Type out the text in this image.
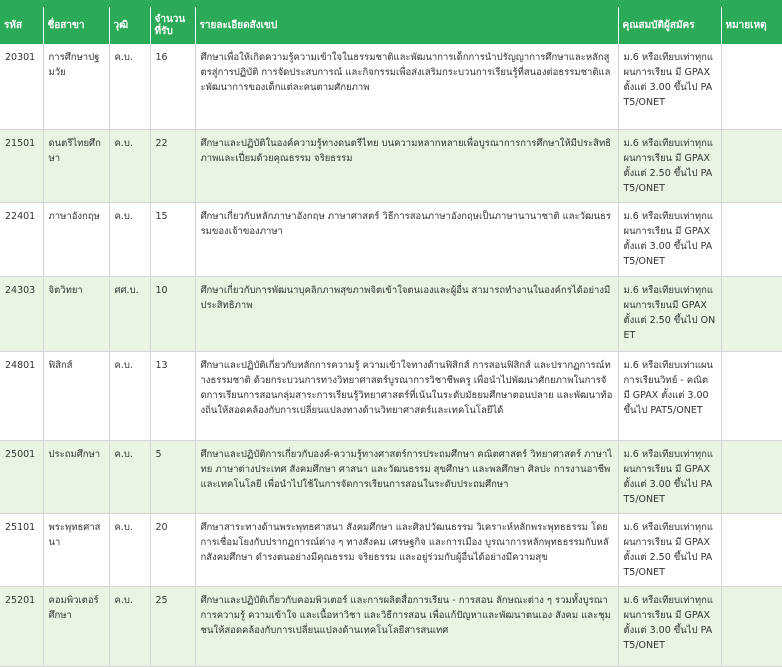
รหัส	ชื่อสาขา	วุฒิ	จำนวนที่รับ	รายละเอียดสังเขป	คุณสมบัติผู้สมัคร	หมายเหตุ
20301	การศึกษาปฐมวัย	ค.บ.	16	ศึกษาเพื่อให้เกิดความรู้ความเข้าใจในธรรมชาติและพัฒนาการเด็กการนำปรัญญาการศึกษาและหลักสูตรสู่การปฏิบัติ การจัดประสบการณ์ และกิจกรรมเพื่อส่งเสริมกระบวนการเรียนรู้ที่สนองต่อธรรมชาติและพัฒนาการของเด็กแต่ละคนตามศักยภาพ	ม.6 หรือเทียบเท่าทุกแผนการเรียน มี GPAX ตั้งแต่ 3.00 ขึ้นไป PAT5/ONET	
21501	ดนตรีไทยศึกษา	ค.บ.	22	ศึกษาและปฏิบัติในองค์ความรู้ทางดนตรีไทย บนความหลากหลายเพื่อบูรณาการการศึกษาให้มีประสิทธิภาพและเปี่ยมด้วยคุณธรรม จริยธรรม	ม.6 หรือเทียบเท่าทุกแผนการเรียน มี GPAX ตั้งแต่ 2.50 ขึ้นไป PAT5/ONET	
22401	ภาษาอังกฤษ	ค.บ.	15	ศึกษาเกี่ยวกับหลักภาษาอังกฤษ ภาษาศาสตร์ วิธีการสอนภาษาอังกฤษเป็นภาษานานาชาติ และวัฒนธรรมของเจ้าของภาษา	ม.6 หรือเทียบเท่าทุกแผนการเรียน มี GPAX ตั้งแต่ 3.00 ขึ้นไป PAT5/ONET	
24303	จิตวิทยา	ศศ.บ.	10	ศึกษาเกี่ยวกับการพัฒนาบุคลิกภาพสุขภาพจิตเข้าใจตนเองและผู้อื่น สามารถทำงานในองค์กรได้อย่างมีประสิทธิภาพ	ม.6 หรือเทียบเท่าทุกแผนการเรียนมี GPAX ตั้งแต่ 2.50 ขึ้นไป ONET	
24801	ฟิสิกส์	ค.บ.	13	ศึกษาและปฏิบัติเกี่ยวกับหลักการความรู้ ความเข้าใจทางด้านฟิสิกส์ การสอนฟิสิกส์ และปรากฏการณ์ทางธรรมชาติ ด้วยกระบวนการทางวิทยาศาสตร์บูรณาการวิชาชีพครู เพื่อนำไปพัฒนาศักยภาพในการจัดการเรียนการสอนกลุ่มสาระการเรียนรู้วิทยาศาสตร์ที่เน้นในระดับมัธยมศึกษาตอนปลาย และพัฒนาท้องถิ่นให้สอดคล้องกับการเปลี่ยนแปลงทางด้านวิทยาศาสตร์และเทคโนโลยีได้	ม.6 หรือเทียบเท่าแผนการเรียนวิทย์ - คณิต มี GPAX ตั้งแต่ 3.00 ขึ้นไป PAT5/ONET	
25001	ประถมศึกษา	ค.บ.	5	ศึกษาและปฏิบัติการเกี่ยวกับองค์-ความรู้ทางศาสตร์การประถมศึกษา คณิตศาสตร์ วิทยาศาสตร์ ภาษาไทย ภาษาต่างประเทศ สังคมศึกษา ศาสนา และวัฒนธรรม สุขศึกษา และพลศึกษา ศิลปะ การงานอาชีพและเทคโนโลยี เพื่อนำไปใช้ในการจัดการเรียนการสอนในระดับประถมศึกษา	ม.6 หรือเทียบเท่าทุกแผนการเรียน มี GPAX ตั้งแต่ 3.00 ขึ้นไป PAT5/ONET	
25101	พระพุทธศาสนา	ค.บ.	20	ศึกษาสาระทางด้านพระพุทธศาสนา สังคมศึกษา และศิลปวัฒนธรรม วิเคราะห์หลักพระพุทธธรรม โดยการเชื่อมโยงกับปรากฏการณ์ต่าง ๆ ทางสังคม เศรษฐกิจ และการเมือง บูรณาการหลักพุทธธรรมกับหลักสังคมศึกษา ดำรงตนอย่างมีคุณธรรม จริยธรรม และอยู่ร่วมกับผู้อื่นได้อย่างมีความสุข	ม.6 หรือเทียบเท่าทุกแผนการเรียน มี GPAX ตั้งแต่ 2.50 ขึ้นไป PAT5/ONET	
25201	คอมพิวเตอร์ศึกษา	ค.บ.	25	ศึกษาและปฏิบัติเกี่ยวกับคอมพิวเตอร์ และการผลิตสื่อการเรียน - การสอน ลักษณะต่าง ๆ รวมทั้งบูรณาการความรู้ ความเข้าใจ และเนื้อหาวิชา และวิธีการสอน เพื่อแก้ปัญหาและพัฒนาตนเอง สังคม และชุมชนให้สอดคล้องกับการเปลี่ยนแปลงด้านเทคโนโลยีสารสนเทศ	ม.6 หรือเทียบเท่าทุกแผนการเรียน มี GPAX ตั้งแต่ 3.00 ขึ้นไป PAT5/ONET	
